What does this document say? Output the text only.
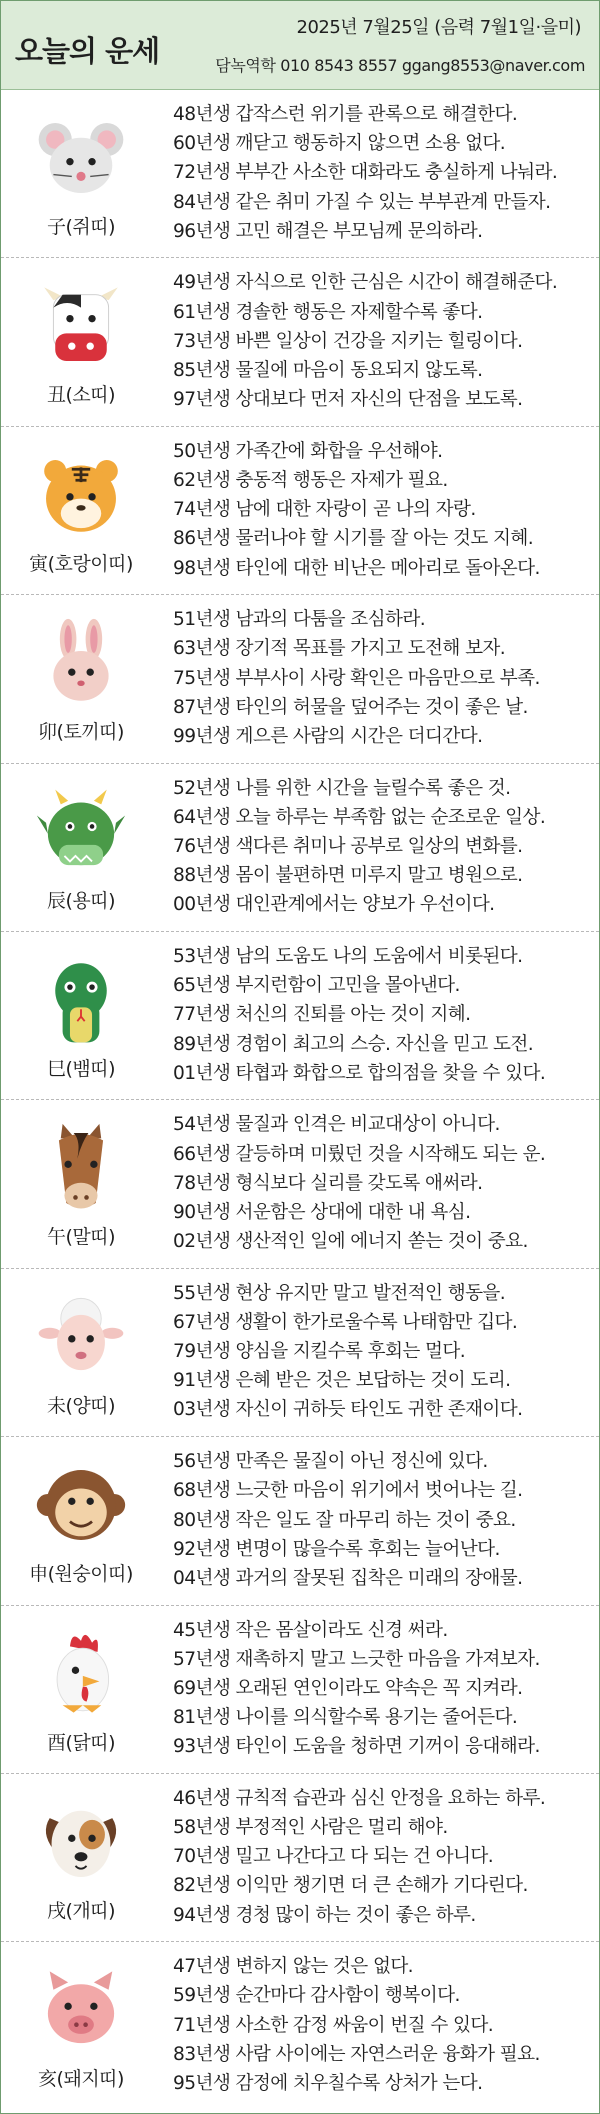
오늘의 운세
2025년 7월25일 (음력 7월1일·을미)
담녹역학 010 8543 8557 ggang8553@naver.com
子(쥐띠)
48년생 갑작스런 위기를 관록으로 해결한다.
60년생 깨닫고 행동하지 않으면 소용 없다.
72년생 부부간 사소한 대화라도 충실하게 나눠라.
84년생 같은 취미 가질 수 있는 부부관계 만들자.
96년생 고민 해결은 부모님께 문의하라.
丑(소띠)
49년생 자식으로 인한 근심은 시간이 해결해준다.
61년생 경솔한 행동은 자제할수록 좋다.
73년생 바쁜 일상이 건강을 지키는 힐링이다.
85년생 물질에 마음이 동요되지 않도록.
97년생 상대보다 먼저 자신의 단점을 보도록.
寅(호랑이띠)
50년생 가족간에 화합을 우선해야.
62년생 충동적 행동은 자제가 필요.
74년생 남에 대한 자랑이 곧 나의 자랑.
86년생 물러나야 할 시기를 잘 아는 것도 지혜.
98년생 타인에 대한 비난은 메아리로 돌아온다.
卯(토끼띠)
51년생 남과의 다툼을 조심하라.
63년생 장기적 목표를 가지고 도전해 보자.
75년생 부부사이 사랑 확인은 마음만으로 부족.
87년생 타인의 허물을 덮어주는 것이 좋은 날.
99년생 게으른 사람의 시간은 더디간다.
辰(용띠)
52년생 나를 위한 시간을 늘릴수록 좋은 것.
64년생 오늘 하루는 부족함 없는 순조로운 일상.
76년생 색다른 취미나 공부로 일상의 변화를.
88년생 몸이 불편하면 미루지 말고 병원으로.
00년생 대인관계에서는 양보가 우선이다.
巳(뱀띠)
53년생 남의 도움도 나의 도움에서 비롯된다.
65년생 부지런함이 고민을 몰아낸다.
77년생 처신의 진퇴를 아는 것이 지혜.
89년생 경험이 최고의 스승. 자신을 믿고 도전.
01년생 타협과 화합으로 합의점을 찾을 수 있다.
午(말띠)
54년생 물질과 인격은 비교대상이 아니다.
66년생 갈등하며 미뤘던 것을 시작해도 되는 운.
78년생 형식보다 실리를 갖도록 애써라.
90년생 서운함은 상대에 대한 내 욕심.
02년생 생산적인 일에 에너지 쏟는 것이 중요.
未(양띠)
55년생 현상 유지만 말고 발전적인 행동을.
67년생 생활이 한가로울수록 나태함만 깁다.
79년생 양심을 지킬수록 후회는 멀다.
91년생 은혜 받은 것은 보답하는 것이 도리.
03년생 자신이 귀하듯 타인도 귀한 존재이다.
申(원숭이띠)
56년생 만족은 물질이 아닌 정신에 있다.
68년생 느긋한 마음이 위기에서 벗어나는 길.
80년생 작은 일도 잘 마무리 하는 것이 중요.
92년생 변명이 많을수록 후회는 늘어난다.
04년생 과거의 잘못된 집착은 미래의 장애물.
酉(닭띠)
45년생 작은 몸살이라도 신경 써라.
57년생 재촉하지 말고 느긋한 마음을 가져보자.
69년생 오래된 연인이라도 약속은 꼭 지켜라.
81년생 나이를 의식할수록 용기는 줄어든다.
93년생 타인이 도움을 청하면 기꺼이 응대해라.
戌(개띠)
46년생 규칙적 습관과 심신 안정을 요하는 하루.
58년생 부정적인 사람은 멀리 해야.
70년생 밀고 나간다고 다 되는 건 아니다.
82년생 이익만 챙기면 더 큰 손해가 기다린다.
94년생 경청 많이 하는 것이 좋은 하루.
亥(돼지띠)
47년생 변하지 않는 것은 없다.
59년생 순간마다 감사함이 행복이다.
71년생 사소한 감정 싸움이 번질 수 있다.
83년생 사람 사이에는 자연스러운 융화가 필요.
95년생 감정에 치우칠수록 상처가 는다.
